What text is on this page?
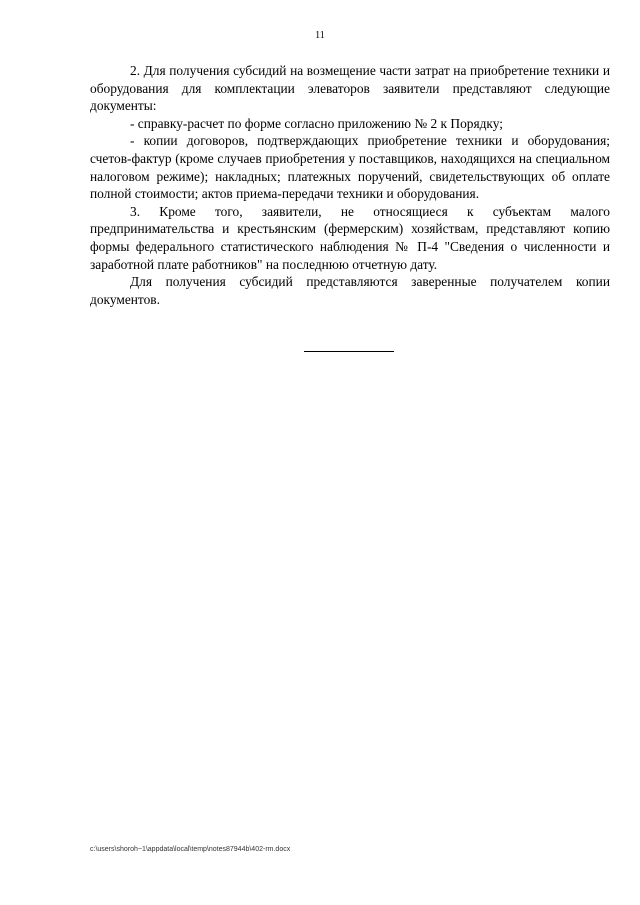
11

2. Для получения субсидий на возмещение части затрат на приобретение техники и оборудования для комплектации элеваторов заявители представляют следующие документы:

- справку-расчет по форме согласно приложению № 2 к Порядку;

- копии договоров, подтверждающих приобретение техники и оборудования; счетов-фактур (кроме случаев приобретения у поставщиков, находящихся на специальном налоговом режиме); накладных; платежных поручений, свидетельствующих об оплате полной стоимости; актов приема-передачи техники и оборудования.

3. Кроме того, заявители, не относящиеся к субъектам малого предпринимательства и крестьянским (фермерским) хозяйствам, представляют копию формы федерального статистического наблюдения № П-4 "Сведения о численности и заработной плате работников" на последнюю отчетную дату.

Для получения субсидий представляются заверенные получателем копии документов.

c:\users\shoroh~1\appdata\local\temp\notes87944b\402-rm.docx
